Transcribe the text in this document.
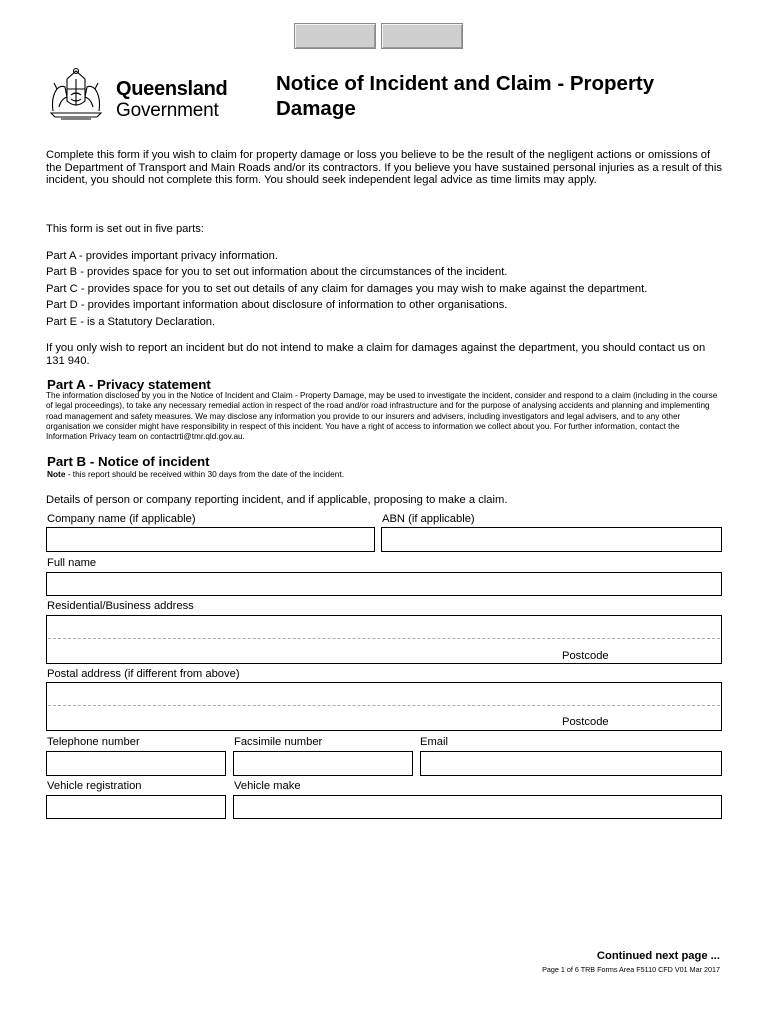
Queensland
Government
Notice of Incident and Claim - Property Damage
Complete this form if you wish to claim for property damage or loss you believe to be the result of the negligent actions or omissions of the Department of Transport and Main Roads and/or its contractors. If you believe you have sustained personal injuries as a result of this incident, you should not complete this form. You should seek independent legal advice as time limits may apply.
This form is set out in five parts:
Part A - provides important privacy information.
Part B - provides space for you to set out information about the circumstances of the incident.
Part C - provides space for you to set out details of any claim for damages you may wish to make against the department.
Part D - provides important information about disclosure of information to other organisations.
Part E - is a Statutory Declaration.
If you only wish to report an incident but do not intend to make a claim for damages against the department, you should contact us on 131 940.
Part A - Privacy statement
The information disclosed by you in the Notice of Incident and Claim - Property Damage, may be used to investigate the incident, consider and respond to a claim (including in the course of legal proceedings), to take any necessary remedial action in respect of the road and/or road infrastructure and for the purpose of analysing accidents and planning and implementing road management and safety measures. We may disclose any information you provide to our insurers and advisers, including investigators and legal advisers, and to any other organisation we consider might have responsibility in respect of this incident. You have a right of access to information we collect about you. For further information, contact the Information Privacy team on contactrti@tmr.qld.gov.au.
Part B - Notice of incident
Note - this report should be received within 30 days from the date of the incident.
Details of person or company reporting incident, and if applicable, proposing to make a claim.
Company name (if applicable)	ABN (if applicable)
Full name
Residential/Business address
Postcode
Postal address (if different from above)
Postcode
Telephone number	Facsimile number	Email
Vehicle registration	Vehicle make
Continued next page ...
Page 1 of 6 TRB Forms Area F5110 CFD V01 Mar 2017
